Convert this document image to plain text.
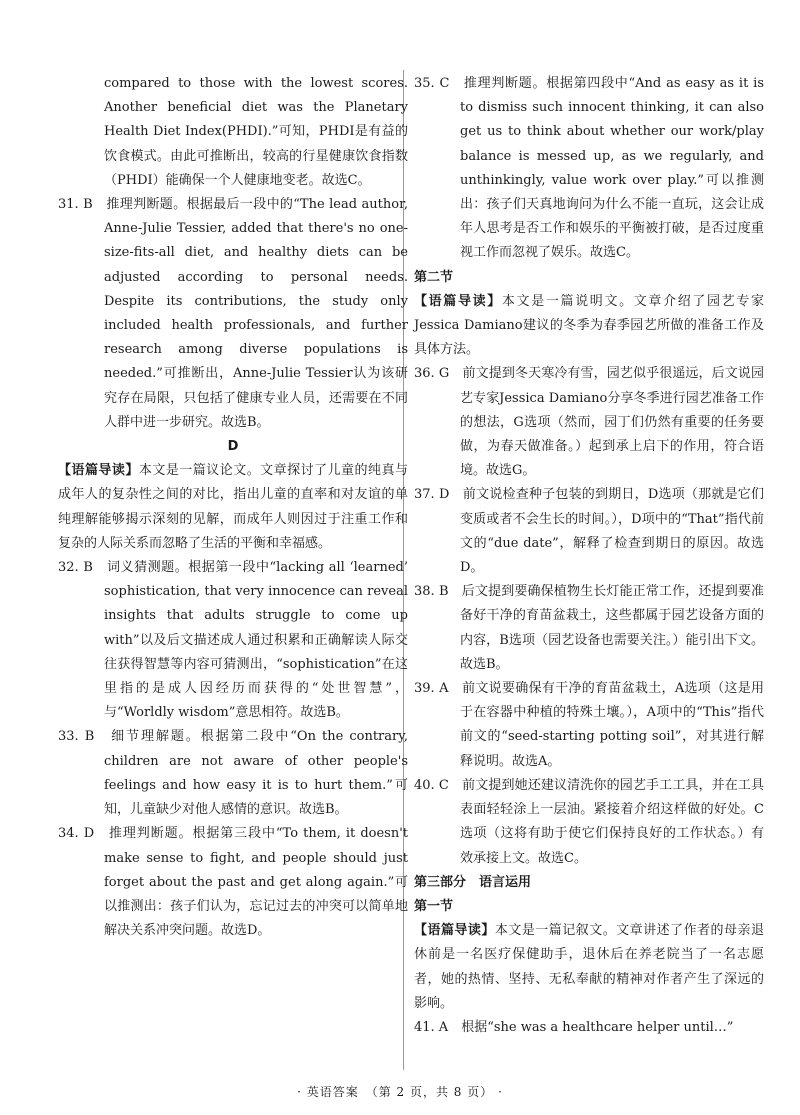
compared to those with the lowest scores. Another beneficial diet was the Planetary Health Diet Index(PHDI).”可知，PHDI是有益的饮食模式。由此可推断出，较高的行星健康饮食指数（PHDI）能确保一个人健康地变老。故选C。

31. B　推理判断题。根据最后一段中的“The lead author, Anne-Julie Tessier, added that there's no one-size-fits-all diet, and healthy diets can be adjusted according to personal needs. Despite its contributions, the study only included health professionals, and further research among diverse populations is needed.”可推断出，Anne-Julie Tessier认为该研究存在局限，只包括了健康专业人员，还需要在不同人群中进一步研究。故选B。

D

【语篇导读】本文是一篇议论文。文章探讨了儿童的纯真与成年人的复杂性之间的对比，指出儿童的直率和对友谊的单纯理解能够揭示深刻的见解，而成年人则因过于注重工作和复杂的人际关系而忽略了生活的平衡和幸福感。

32. B　词义猜测题。根据第一段中“lacking all ‘learned’ sophistication, that very innocence can reveal insights that adults struggle to come up with”以及后文描述成人通过积累和正确解读人际交往获得智慧等内容可猜测出，“sophistication”在这里指的是成人因经历而获得的“处世智慧”，与“Worldly wisdom”意思相符。故选B。

33. B　细节理解题。根据第二段中“On the contrary, children are not aware of other people's feelings and how easy it is to hurt them.”可知，儿童缺少对他人感情的意识。故选B。

34. D　推理判断题。根据第三段中“To them, it doesn't make sense to fight, and people should just forget about the past and get along again.”可以推测出：孩子们认为，忘记过去的冲突可以简单地解决关系冲突问题。故选D。

35. C　推理判断题。根据第四段中“And as easy as it is to dismiss such innocent thinking, it can also get us to think about whether our work/play balance is messed up, as we regularly, and unthinkingly, value work over play.”可以推测出：孩子们天真地询问为什么不能一直玩，这会让成年人思考是否工作和娱乐的平衡被打破，是否过度重视工作而忽视了娱乐。故选C。

第二节

【语篇导读】本文是一篇说明文。文章介绍了园艺专家Jessica Damiano建议的冬季为春季园艺所做的准备工作及具体方法。

36. G　前文提到冬天寒冷有雪，园艺似乎很遥远，后文说园艺专家Jessica Damiano分享冬季进行园艺准备工作的想法，G选项（然而，园丁们仍然有重要的任务要做，为春天做准备。）起到承上启下的作用，符合语境。故选G。

37. D　前文说检查种子包装的到期日，D选项（那就是它们变质或者不会生长的时间。），D项中的“That”指代前文的“due date”，解释了检查到期日的原因。故选D。

38. B　后文提到要确保植物生长灯能正常工作，还提到要准备好干净的育苗盆栽土，这些都属于园艺设备方面的内容，B选项（园艺设备也需要关注。）能引出下文。故选B。

39. A　前文说要确保有干净的育苗盆栽土，A选项（这是用于在容器中种植的特殊土壤。），A项中的“This”指代前文的“seed-starting potting soil”，对其进行解释说明。故选A。

40. C　前文提到她还建议清洗你的园艺手工工具，并在工具表面轻轻涂上一层油。紧接着介绍这样做的好处。C选项（这将有助于使它们保持良好的工作状态。）有效承接上文。故选C。

第三部分　语言运用

第一节

【语篇导读】本文是一篇记叙文。文章讲述了作者的母亲退休前是一名医疗保健助手，退休后在养老院当了一名志愿者，她的热情、坚持、无私奉献的精神对作者产生了深远的影响。

41. A　根据“she was a healthcare helper until…”

· 英语答案　（第 2 页，共 8 页） ·
